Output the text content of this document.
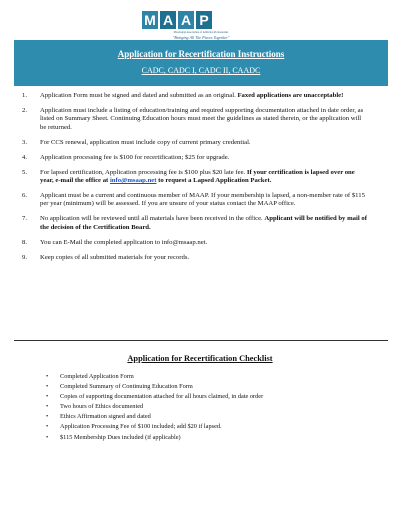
M A A P
Mississippi Association of Addiction Professionals
"Bringing All The Pieces Together"
Application for Recertification Instructions
CADC, CADC I, CADC II, CAADC
1. Application Form must be signed and dated and submitted as an original. Faxed applications are unacceptable!
2. Application must include a listing of education/training and required supporting documentation attached in date order, as listed on Summary Sheet. Continuing Education hours must meet the guidelines as stated therein, or the application will be returned.
3. For CCS renewal, application must include copy of current primary credential.
4. Application processing fee is $100 for recertification; $25 for upgrade.
5. For lapsed certification, Application processing fee is $100 plus $20 late fee. If your certification is lapsed over one year, e-mail the office at info@msaap.net to request a Lapsed Application Packet.
6. Applicant must be a current and continuous member of MAAP. If your membership is lapsed, a non-member rate of $115 per year (minimum) will be assessed. If you are unsure of your status contact the MAAP office.
7. No application will be reviewed until all materials have been received in the office. Applicant will be notified by mail of the decision of the Certification Board.
8. You can E-Mail the completed application to info@msaap.net.
9. Keep copies of all submitted materials for your records.
Application for Recertification Checklist
• Completed Application Form
• Completed Summary of Continuing Education Form
• Copies of supporting documentation attached for all hours claimed, in date order
• Two hours of Ethics documented
• Ethics Affirmation signed and dated
• Application Processing Fee of $100 included; add $20 if lapsed.
• $115 Membership Dues included (if applicable)
